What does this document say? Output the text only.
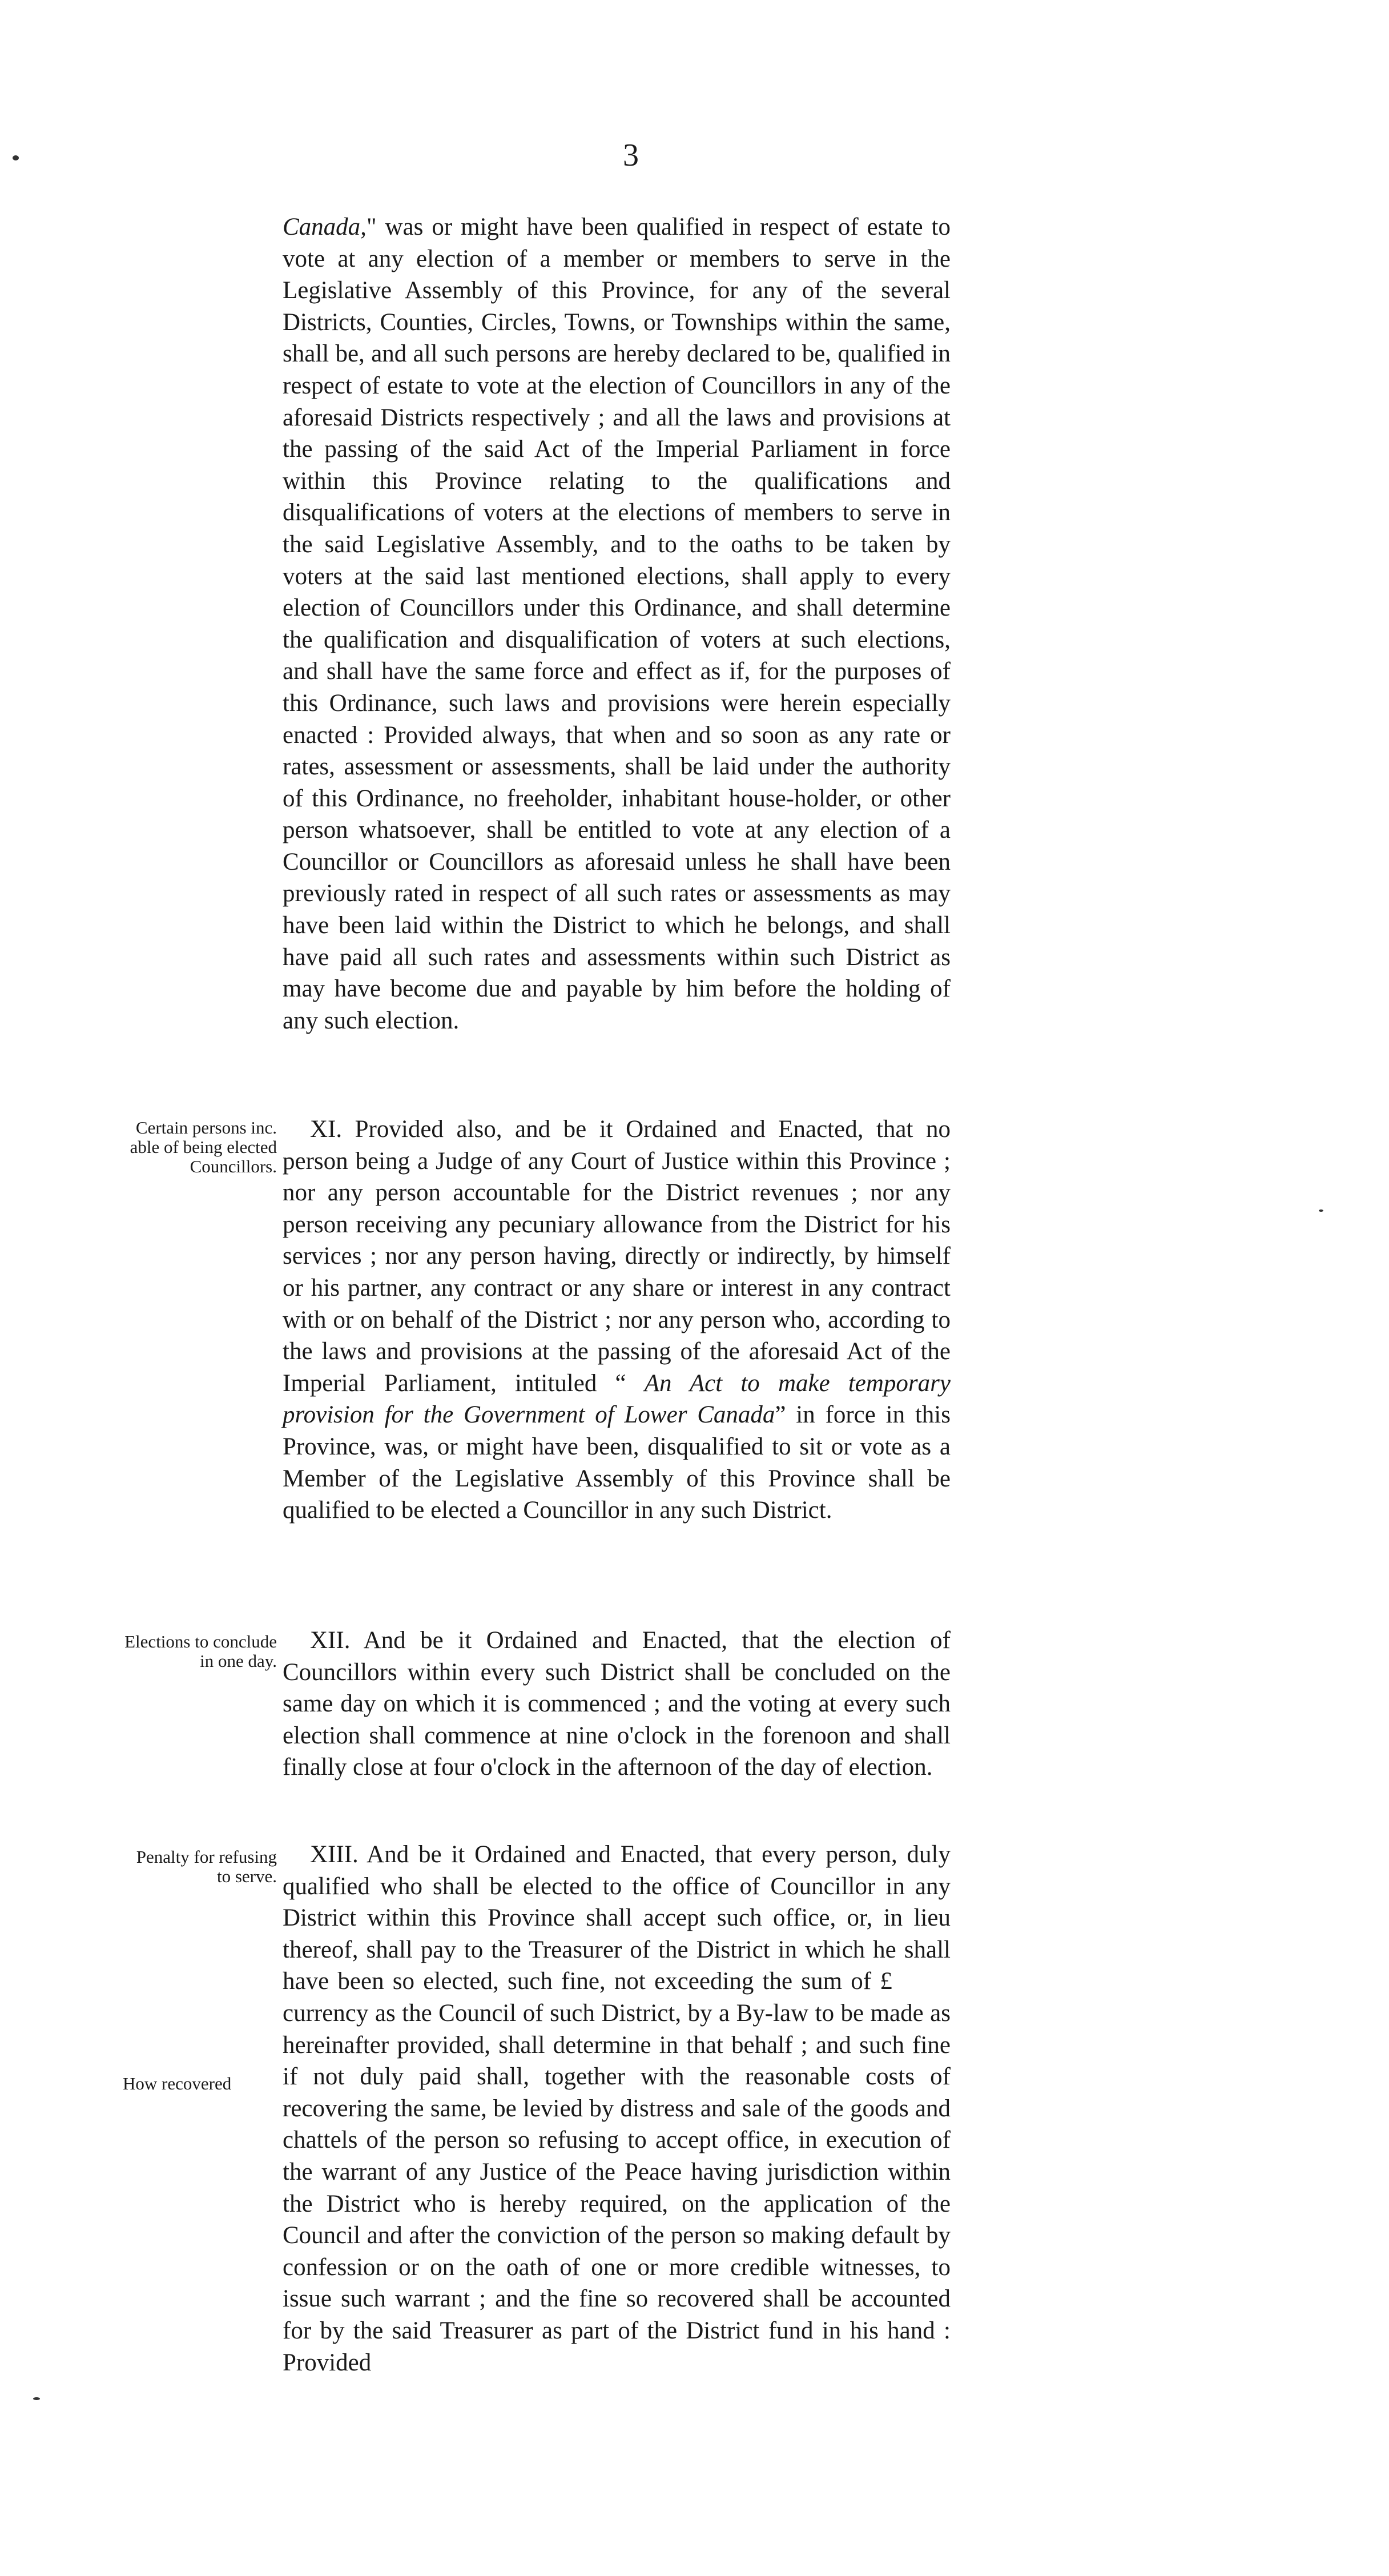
3

Canada," was or might have been qualified in respect of estate to vote at any election of a member or members to serve in the Legislative Assembly of this Province, for any of the several Districts, Counties, Circles, Towns, or Townships within the same, shall be, and all such persons are hereby declared to be, qualified in respect of estate to vote at the election of Councillors in any of the aforesaid Districts respectively ; and all the laws and provisions at the passing of the said Act of the Imperial Parliament in force within this Province relating to the qualifications and disqualifications of voters at the elections of members to serve in the said Legislative Assembly, and to the oaths to be taken by voters at the said last mentioned elections, shall apply to every election of Councillors under this Ordinance, and shall determine the qualification and disqualification of voters at such elections, and shall have the same force and effect as if, for the purposes of this Ordinance, such laws and provisions were herein especially enacted : Provided always, that when and so soon as any rate or rates, assessment or assessments, shall be laid under the authority of this Ordinance, no freeholder, inhabitant house-holder, or other person whatsoever, shall be entitled to vote at any election of a Councillor or Councillors as aforesaid unless he shall have been previously rated in respect of all such rates or assessments as may have been laid within the District to which he belongs, and shall have paid all such rates and assessments within such District as may have become due and payable by him before the holding of any such election.

Certain persons inc. able of being elected Councillors.

XI. Provided also, and be it Ordained and Enacted, that no person being a Judge of any Court of Justice within this Province ; nor any person accountable for the District revenues ; nor any person receiving any pecuniary allowance from the District for his services ; nor any person having, directly or indirectly, by himself or his partner, any contract or any share or interest in any contract with or on behalf of the District ; nor any person who, according to the laws and provisions at the passing of the aforesaid Act of the Imperial Parliament, intituled “ An Act to make temporary provision for the Government of Lower Canada” in force in this Province, was, or might have been, disqualified to sit or vote as a Member of the Legislative Assembly of this Province shall be qualified to be elected a Councillor in any such District.

Elections to conclude in one day.

XII. And be it Ordained and Enacted, that the election of Councillors within every such District shall be concluded on the same day on which it is commenced ; and the voting at every such election shall commence at nine o'clock in the forenoon and shall finally close at four o'clock in the afternoon of the day of election.

Penalty for refusing to serve.
How recovered

XIII. And be it Ordained and Enacted, that every person, duly qualified who shall be elected to the office of Councillor in any District within this Province shall accept such office, or, in lieu thereof, shall pay to the Treasurer of the District in which he shall have been so elected, such fine, not exceeding the sum of £        currency as the Council of such District, by a By-law to be made as hereinafter provided, shall determine in that behalf ; and such fine if not duly paid shall, together with the reasonable costs of recovering the same, be levied by distress and sale of the goods and chattels of the person so refusing to accept office, in execution of the warrant of any Justice of the Peace having jurisdiction within the District who is hereby required, on the application of the Council and after the conviction of the person so making default by confession or on the oath of one or more credible witnesses, to issue such warrant ; and the fine so recovered shall be accounted for by the said Treasurer as part of the District fund in his hand : Provided
